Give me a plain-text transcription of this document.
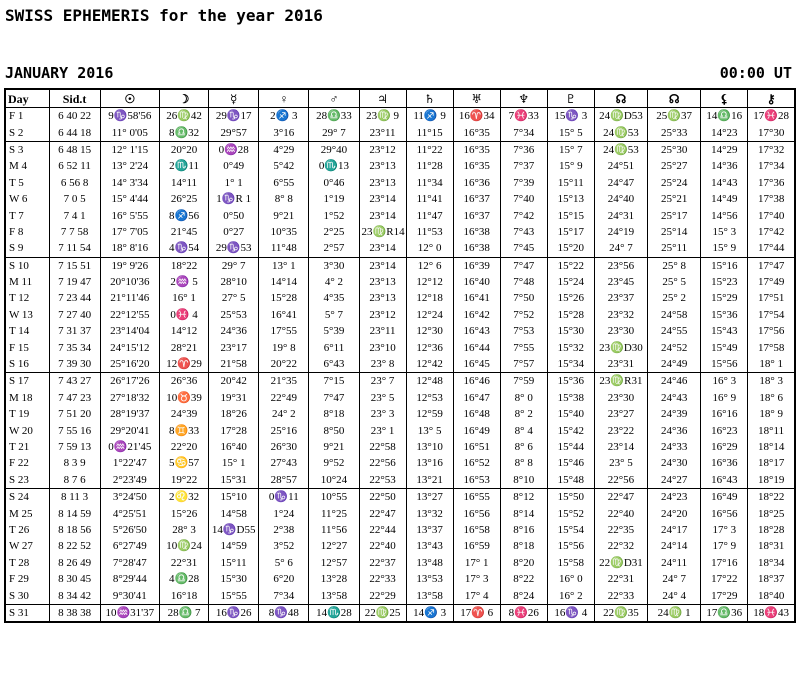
SWISS EPHEMERIS for the year 2016
JANUARY 2016	00:00 UT
Day	Sid.t	☉	☽	☿	♀	♂	♃	♄	♅	♆	♇	☊	☊	⚸	⚷
F 1	6 40 22	9♑58'56	26♍42	29♑17	2♐ 3	28♎33	23♍ 9	11♐ 9	16♈34	7♓33	15♑ 3	24♍D53	25♍37	14♎16	17♓28
S 2	6 44 18	11° 0'05	8♎32	29°57	3°16	29° 7	23°11	11°15	16°35	7°34	15° 5	24♍53	25°33	14°23	17°30
S 3	6 48 15	12° 1'15	20°20	0♒28	4°29	29°40	23°12	11°22	16°35	7°36	15° 7	24♍53	25°30	14°29	17°32
M 4	6 52 11	13° 2'24	2♏11	0°49	5°42	0♏13	23°13	11°28	16°35	7°37	15° 9	24°51	25°27	14°36	17°34
T 5	6 56 8	14° 3'34	14°11	1° 1	6°55	0°46	23°13	11°34	16°36	7°39	15°11	24°47	25°24	14°43	17°36
W 6	7 0 5	15° 4'44	26°25	1♑R 1	8° 8	1°19	23°14	11°41	16°37	7°40	15°13	24°40	25°21	14°49	17°38
T 7	7 4 1	16° 5'55	8♐56	0°50	9°21	1°52	23°14	11°47	16°37	7°42	15°15	24°31	25°17	14°56	17°40
F 8	7 7 58	17° 7'05	21°45	0°27	10°35	2°25	23♍R14	11°53	16°38	7°43	15°17	24°19	25°14	15° 3	17°42
S 9	7 11 54	18° 8'16	4♑54	29♑53	11°48	2°57	23°14	12° 0	16°38	7°45	15°20	24° 7	25°11	15° 9	17°44
S 10	7 15 51	19° 9'26	18°22	29° 7	13° 1	3°30	23°14	12° 6	16°39	7°47	15°22	23°56	25° 8	15°16	17°47
M 11	7 19 47	20°10'36	2♒ 5	28°10	14°14	4° 2	23°13	12°12	16°40	7°48	15°24	23°45	25° 5	15°23	17°49
T 12	7 23 44	21°11'46	16° 1	27° 5	15°28	4°35	23°13	12°18	16°41	7°50	15°26	23°37	25° 2	15°29	17°51
W 13	7 27 40	22°12'55	0♓ 4	25°53	16°41	5° 7	23°12	12°24	16°42	7°52	15°28	23°32	24°58	15°36	17°54
T 14	7 31 37	23°14'04	14°12	24°36	17°55	5°39	23°11	12°30	16°43	7°53	15°30	23°30	24°55	15°43	17°56
F 15	7 35 34	24°15'12	28°21	23°17	19° 8	6°11	23°10	12°36	16°44	7°55	15°32	23♍D30	24°52	15°49	17°58
S 16	7 39 30	25°16'20	12♈29	21°58	20°22	6°43	23° 8	12°42	16°45	7°57	15°34	23°31	24°49	15°56	18° 1
S 17	7 43 27	26°17'26	26°36	20°42	21°35	7°15	23° 7	12°48	16°46	7°59	15°36	23♍R31	24°46	16° 3	18° 3
M 18	7 47 23	27°18'32	10♉39	19°31	22°49	7°47	23° 5	12°53	16°47	8° 0	15°38	23°30	24°43	16° 9	18° 6
T 19	7 51 20	28°19'37	24°39	18°26	24° 2	8°18	23° 3	12°59	16°48	8° 2	15°40	23°27	24°39	16°16	18° 9
W 20	7 55 16	29°20'41	8♊33	17°28	25°16	8°50	23° 1	13° 5	16°49	8° 4	15°42	23°22	24°36	16°23	18°11
T 21	7 59 13	0♒21'45	22°20	16°40	26°30	9°21	22°58	13°10	16°51	8° 6	15°44	23°14	24°33	16°29	18°14
F 22	8 3 9	1°22'47	5♋57	15° 1	27°43	9°52	22°56	13°16	16°52	8° 8	15°46	23° 5	24°30	16°36	18°17
S 23	8 7 6	2°23'49	19°22	15°31	28°57	10°24	22°53	13°21	16°53	8°10	15°48	22°56	24°27	16°43	18°19
S 24	8 11 3	3°24'50	2♌32	15°10	0♑11	10°55	22°50	13°27	16°55	8°12	15°50	22°47	24°23	16°49	18°22
M 25	8 14 59	4°25'51	15°26	14°58	1°24	11°25	22°47	13°32	16°56	8°14	15°52	22°40	24°20	16°56	18°25
T 26	8 18 56	5°26'50	28° 3	14♑D55	2°38	11°56	22°44	13°37	16°58	8°16	15°54	22°35	24°17	17° 3	18°28
W 27	8 22 52	6°27'49	10♍24	14°59	3°52	12°27	22°40	13°43	16°59	8°18	15°56	22°32	24°14	17° 9	18°31
T 28	8 26 49	7°28'47	22°31	15°11	5° 6	12°57	22°37	13°48	17° 1	8°20	15°58	22♍D31	24°11	17°16	18°34
F 29	8 30 45	8°29'44	4♎28	15°30	6°20	13°28	22°33	13°53	17° 3	8°22	16° 0	22°31	24° 7	17°22	18°37
S 30	8 34 42	9°30'41	16°18	15°55	7°34	13°58	22°29	13°58	17° 4	8°24	16° 2	22°33	24° 4	17°29	18°40
S 31	8 38 38	10♒31'37	28♎ 7	16♑26	8♑48	14♏28	22♍25	14♐ 3	17♈ 6	8♓26	16♑ 4	22♍35	24♍ 1	17♎36	18♓43
